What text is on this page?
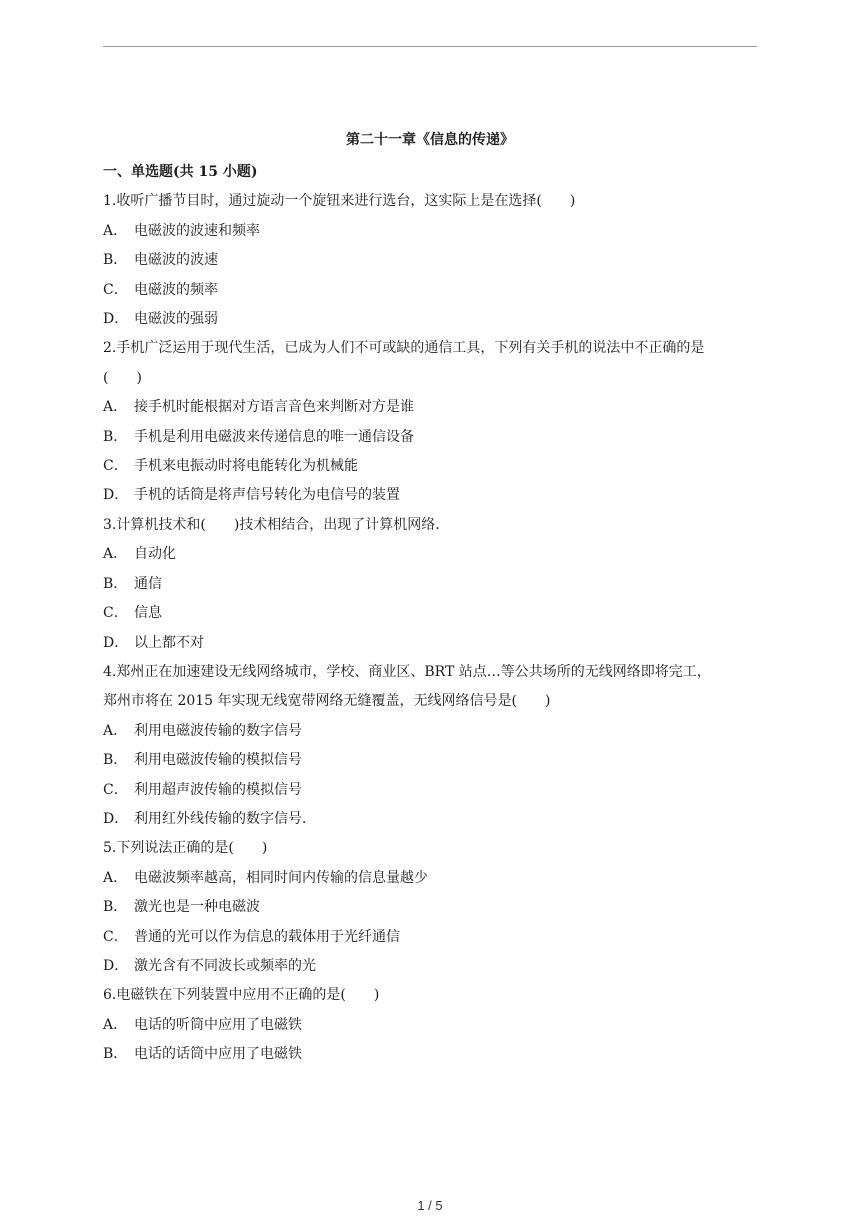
第二十一章《信息的传递》
一、单选题(共 15 小题)
1.收听广播节目时，通过旋动一个旋钮来进行选台，这实际上是在选择(　　)
A． 电磁波的波速和频率
B． 电磁波的波速
C． 电磁波的频率
D． 电磁波的强弱
2.手机广泛运用于现代生活，已成为人们不可或缺的通信工具，下列有关手机的说法中不正确的是
(　　)
A． 接手机时能根据对方语言音色来判断对方是谁
B． 手机是利用电磁波来传递信息的唯一通信设备
C． 手机来电振动时将电能转化为机械能
D． 手机的话筒是将声信号转化为电信号的装置
3.计算机技术和(　　)技术相结合，出现了计算机网络．
A． 自动化
B． 通信
C． 信息
D． 以上都不对
4.郑州正在加速建设无线网络城市，学校、商业区、BRT 站点…等公共场所的无线网络即将完工，
郑州市将在 2015 年实现无线宽带网络无缝覆盖，无线网络信号是(　　)
A． 利用电磁波传输的数字信号
B． 利用电磁波传输的模拟信号
C． 利用超声波传输的模拟信号
D． 利用红外线传输的数字信号．
5.下列说法正确的是(　　)
A． 电磁波频率越高，相同时间内传输的信息量越少
B． 激光也是一种电磁波
C． 普通的光可以作为信息的载体用于光纤通信
D． 激光含有不同波长或频率的光
6.电磁铁在下列装置中应用不正确的是(　　)
A． 电话的听筒中应用了电磁铁
B． 电话的话筒中应用了电磁铁
1 / 5
